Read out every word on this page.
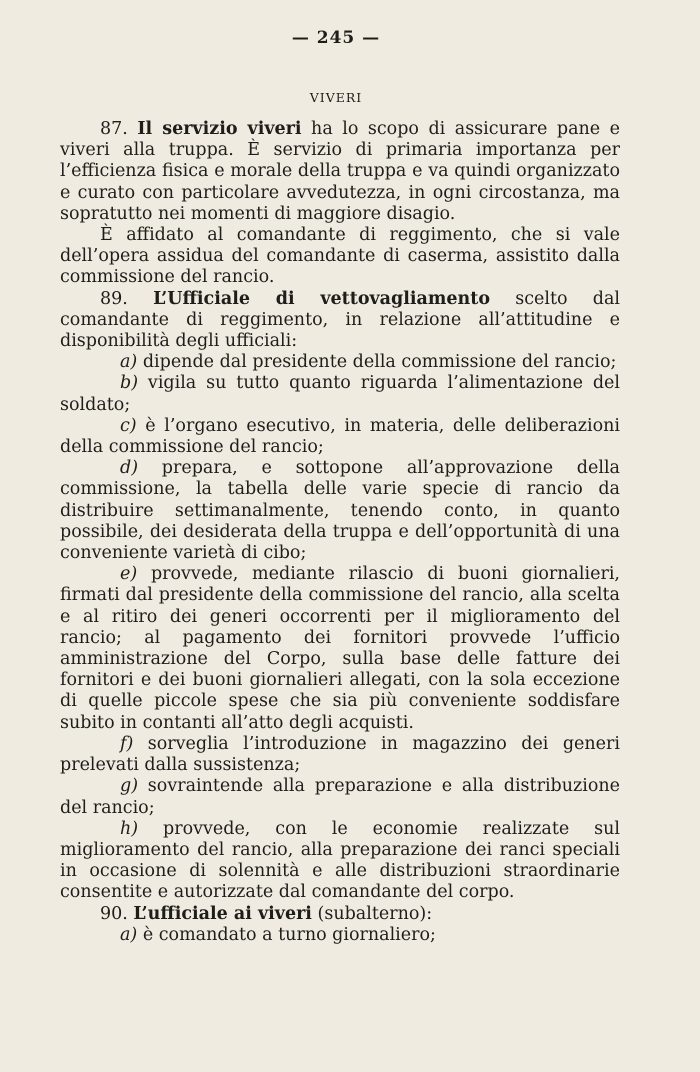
— 245 —
VIVERI

87. Il servizio viveri ha lo scopo di assicurare pane e viveri alla truppa. È servizio di primaria importanza per l’efficienza fisica e morale della truppa e va quindi organizzato e curato con particolare avvedutezza, in ogni circostanza, ma sopratutto nei momenti di maggiore disagio.

È affidato al comandante di reggimento, che si vale dell’opera assidua del comandante di caserma, assistito dalla commissione del rancio.

89. L’Ufficiale di vettovagliamento scelto dal comandante di reggimento, in relazione all’attitudine e disponibilità degli ufficiali:

a) dipende dal presidente della commissione del rancio;

b) vigila su tutto quanto riguarda l’alimentazione del soldato;

c) è l’organo esecutivo, in materia, delle deliberazioni della commissione del rancio;

d) prepara, e sottopone all’approvazione della commissione, la tabella delle varie specie di rancio da distribuire settimanalmente, tenendo conto, in quanto possibile, dei desiderata della truppa e dell’opportunità di una conveniente varietà di cibo;

e) provvede, mediante rilascio di buoni giornalieri, firmati dal presidente della commissione del rancio, alla scelta e al ritiro dei generi occorrenti per il miglioramento del rancio; al pagamento dei fornitori provvede l’ufficio amministrazione del Corpo, sulla base delle fatture dei fornitori e dei buoni giornalieri allegati, con la sola eccezione di quelle piccole spese che sia più conveniente soddisfare subito in contanti all’atto degli acquisti.

f) sorveglia l’introduzione in magazzino dei generi prelevati dalla sussistenza;

g) sovraintende alla preparazione e alla distribuzione del rancio;

h) provvede, con le economie realizzate sul miglioramento del rancio, alla preparazione dei ranci speciali in occasione di solennità e alle distribuzioni straordinarie consentite e autorizzate dal comandante del corpo.

90. L’ufficiale ai viveri (subalterno):

a) è comandato a turno giornaliero;
